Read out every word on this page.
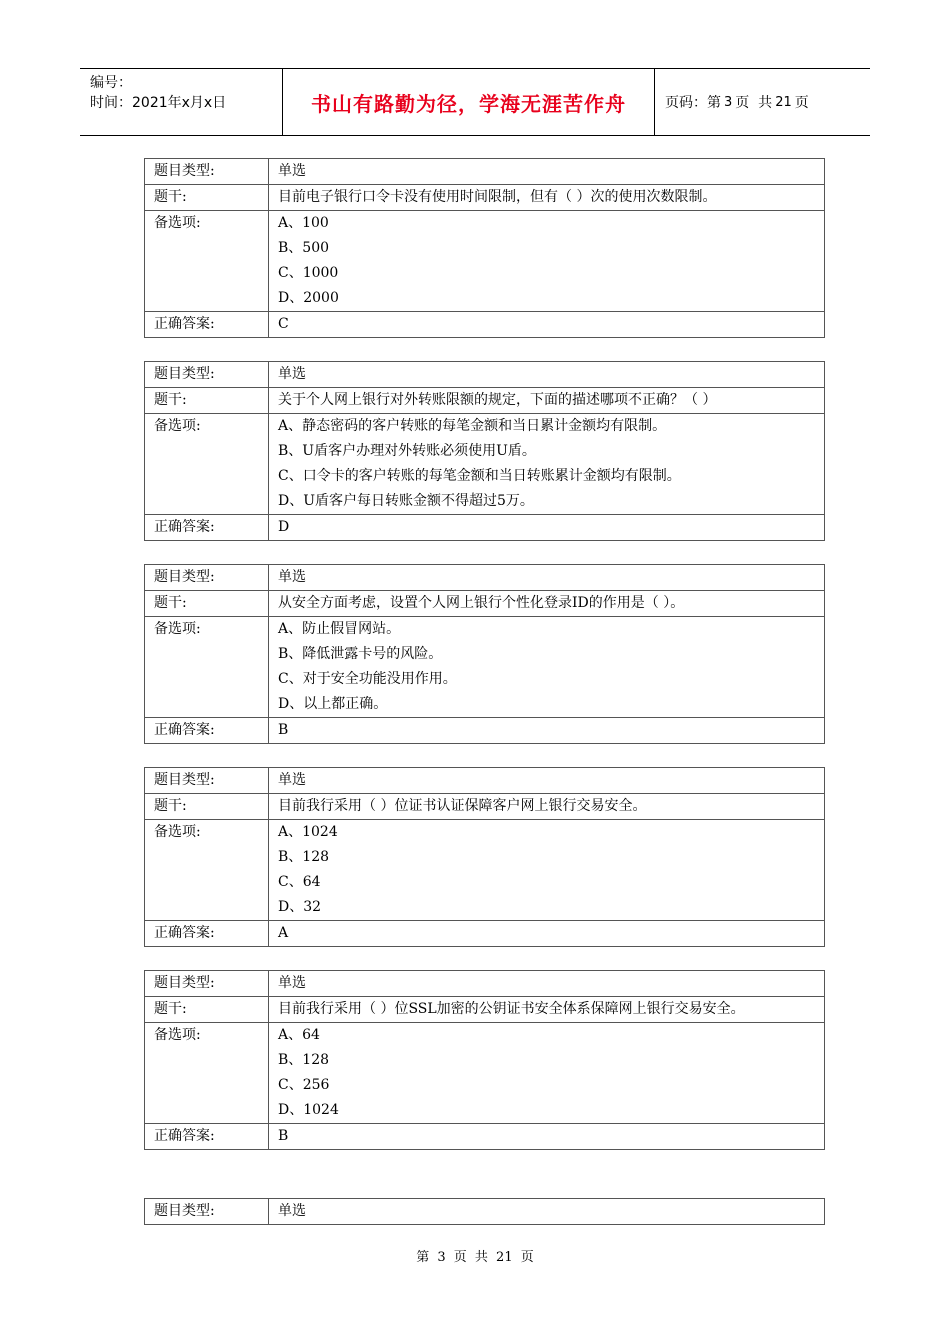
编号：
时间：2021年x月x日	书山有路勤为径，学海无涯苦作舟	页码：第 3 页  共 21 页
题目类型:	单选
题干:	目前电子银行口令卡没有使用时间限制，但有（ ）次的使用次数限制。
备选项:	A、100
B、500
C、1000
D、2000

正确答案:	C
题目类型:	单选
题干:	关于个人网上银行对外转账限额的规定，下面的描述哪项不正确？（ ）
备选项:	A、静态密码的客户转账的每笔金额和当日累计金额均有限制。
B、U盾客户办理对外转账必须使用U盾。
C、口令卡的客户转账的每笔金额和当日转账累计金额均有限制。
D、U盾客户每日转账金额不得超过5万。

正确答案:	D
题目类型:	单选
题干:	从安全方面考虑，设置个人网上银行个性化登录ID的作用是（ ）。
备选项:	A、防止假冒网站。
B、降低泄露卡号的风险。
C、对于安全功能没用作用。
D、以上都正确。

正确答案:	B
题目类型:	单选
题干:	目前我行采用（ ）位证书认证保障客户网上银行交易安全。
备选项:	A、1024
B、128
C、64
D、32

正确答案:	A
题目类型:	单选
题干:	目前我行采用（ ）位SSL加密的公钥证书安全体系保障网上银行交易安全。
备选项:	A、64
B、128
C、256
D、1024

正确答案:	B
题目类型:	单选
第 3 页 共 21 页
